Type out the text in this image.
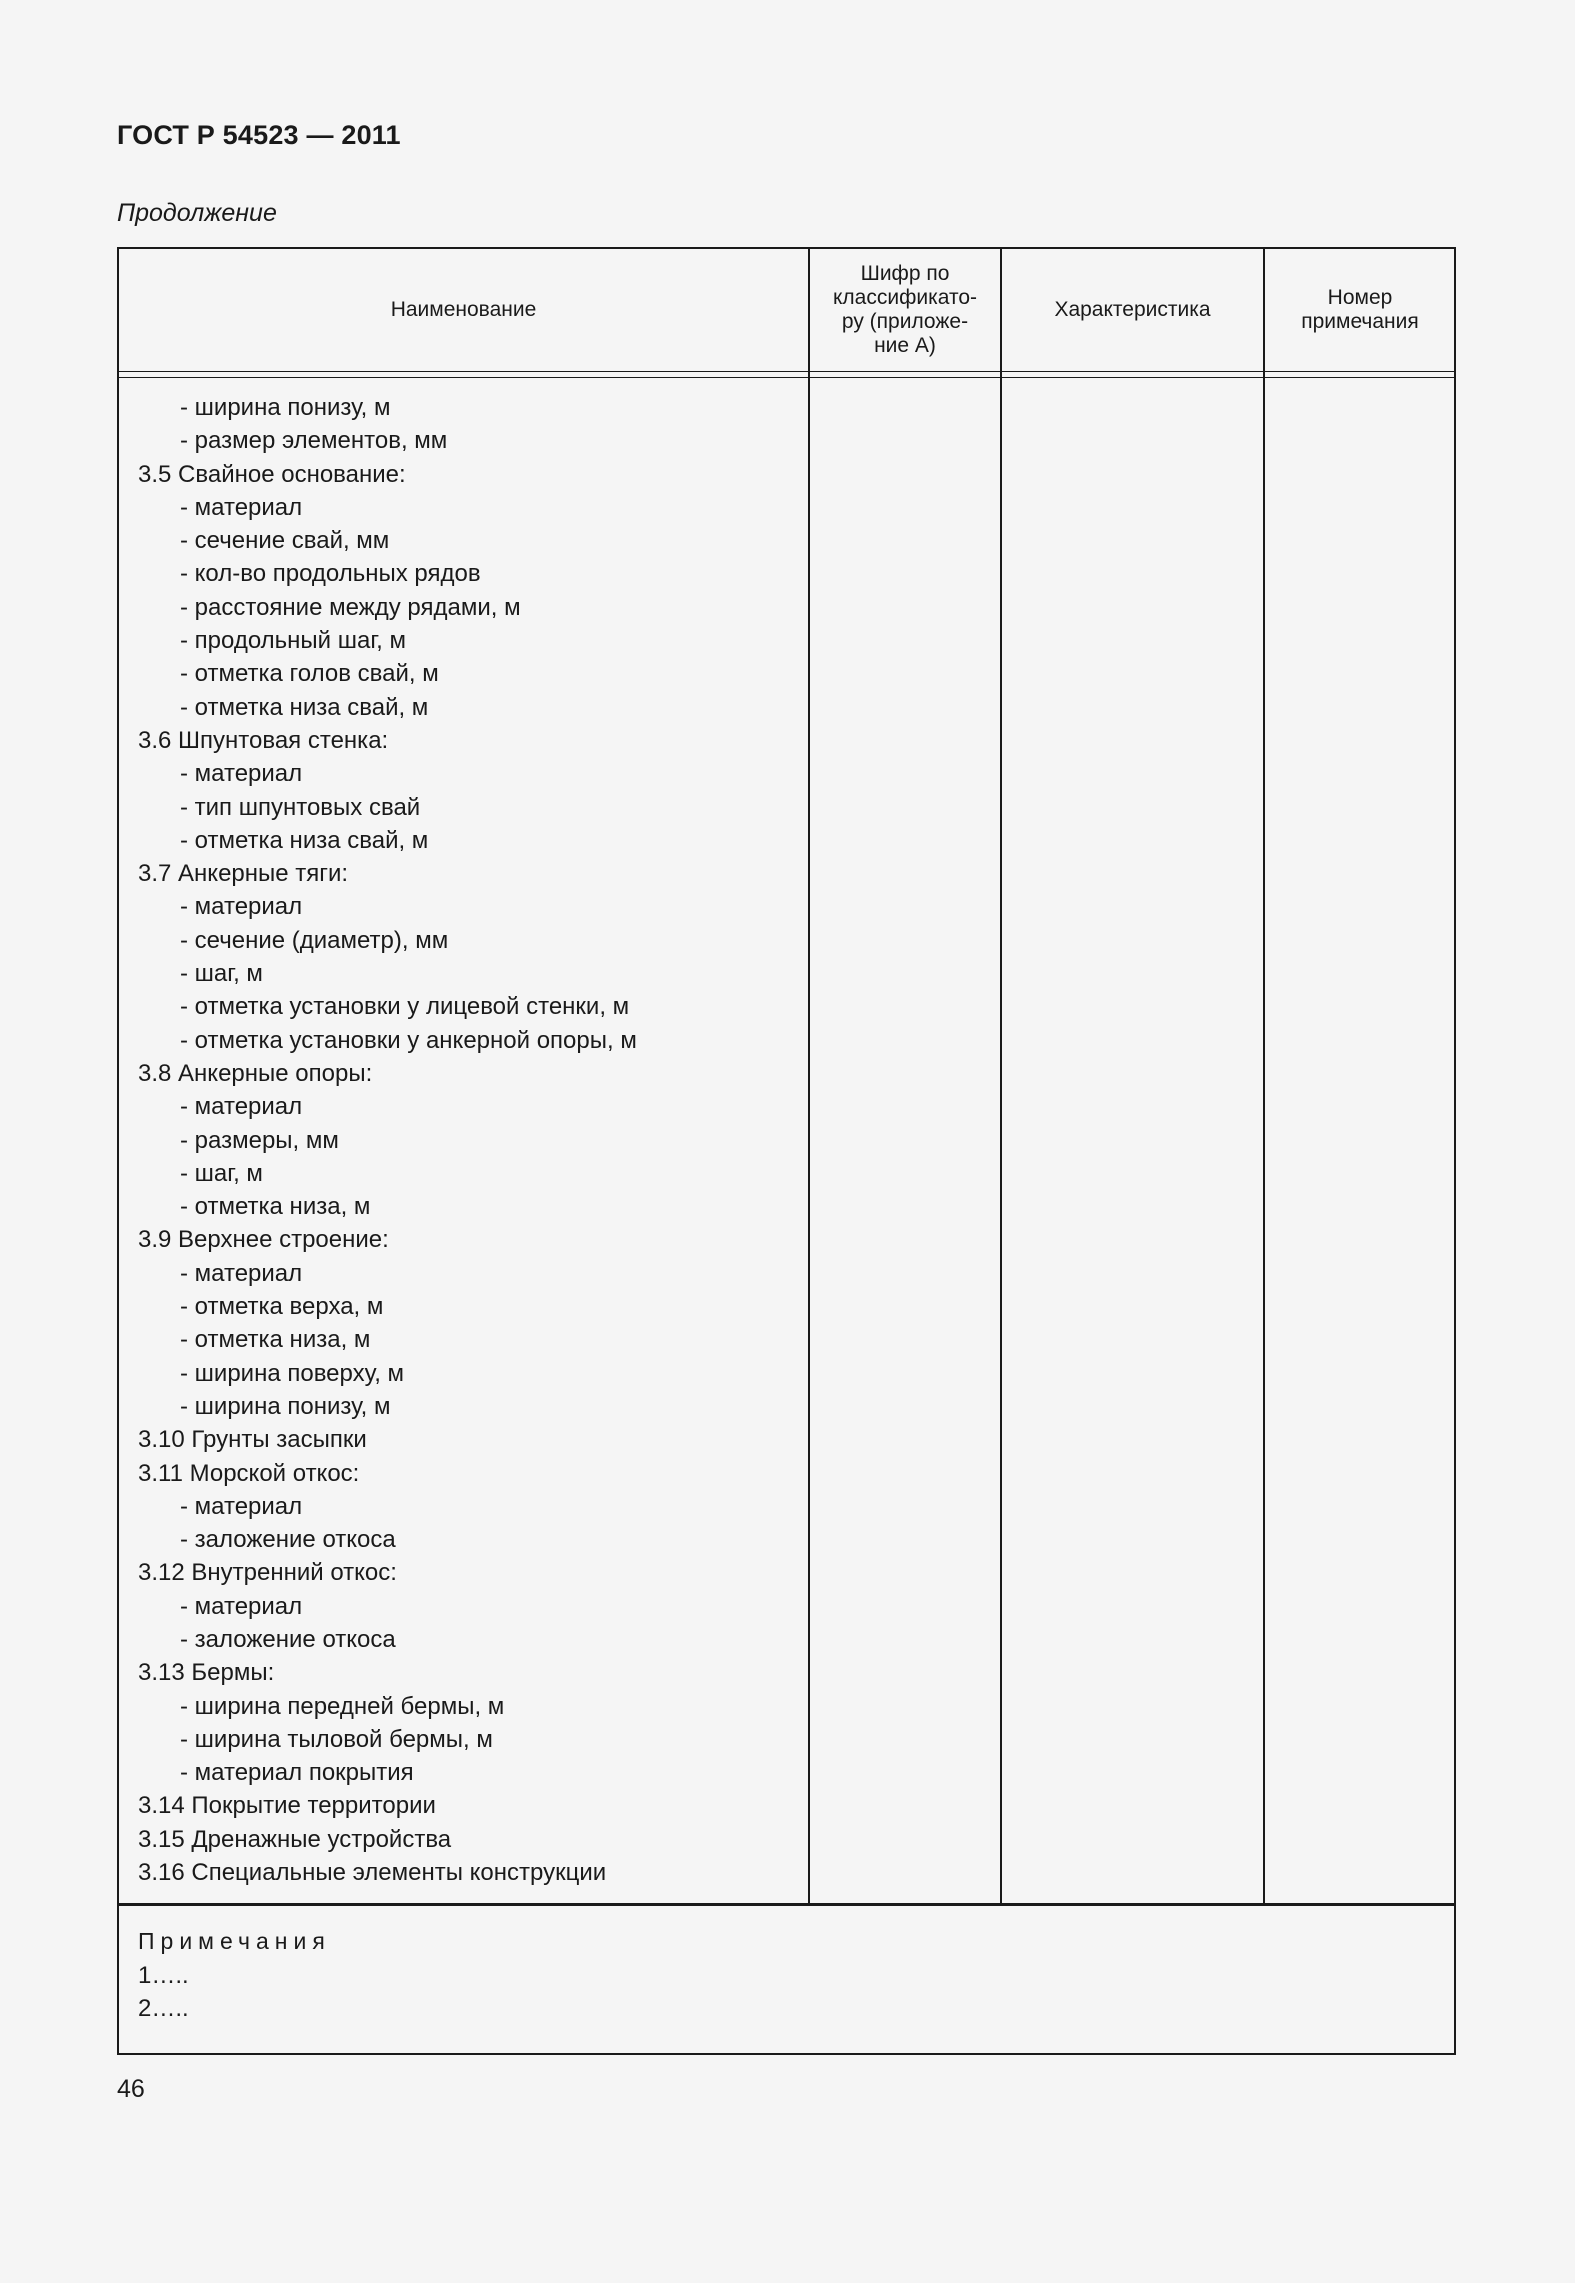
ГОСТ Р 54523 — 2011
Продолжение
Наименование
Шифр по
классификато-
ру (приложе-
ние А)
Характеристика
Номер
примечания
- ширина понизу, м
- размер элементов, мм
3.5 Свайное основание:
- материал
- сечение свай, мм
- кол-во продольных рядов
- расстояние между рядами, м
- продольный шаг, м
- отметка голов свай, м
- отметка низа свай, м
3.6 Шпунтовая стенка:
- материал
- тип шпунтовых свай
- отметка низа свай, м
3.7 Анкерные тяги:
- материал
- сечение (диаметр), мм
- шаг, м
- отметка установки у лицевой стенки, м
- отметка установки у анкерной опоры, м
3.8 Анкерные опоры:
- материал
- размеры, мм
- шаг, м
- отметка низа, м
3.9 Верхнее строение:
- материал
- отметка верха, м
- отметка низа, м
- ширина поверху, м
- ширина понизу, м
3.10 Грунты засыпки
3.11 Морской откос:
- материал
- заложение откоса
3.12 Внутренний откос:
- материал
- заложение откоса
3.13 Бермы:
- ширина передней бермы, м
- ширина тыловой бермы, м
- материал покрытия
3.14 Покрытие территории
3.15 Дренажные устройства
3.16 Специальные элементы конструкции
Примечания
1…..
2…..
46
